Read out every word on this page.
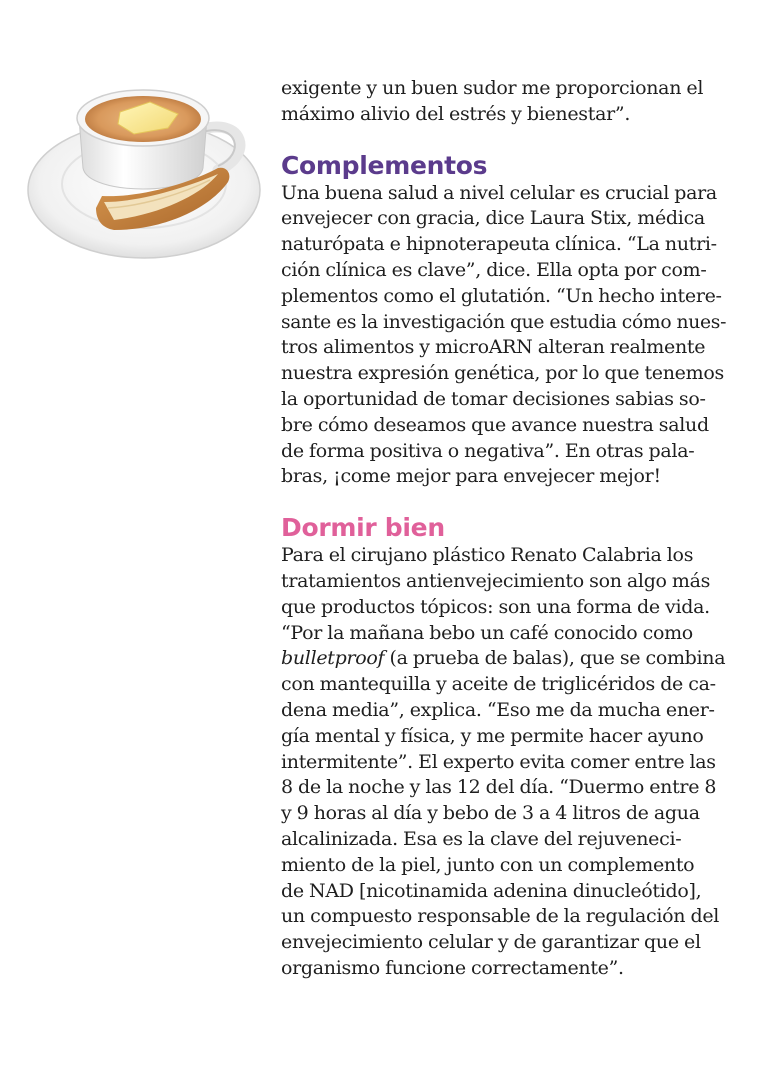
exigente y un buen sudor me proporcionan el
máximo alivio del estrés y bienestar”.

Complementos

Una buena salud a nivel celular es crucial para
envejecer con gracia, dice Laura Stix, médica
naturópata e hipnoterapeuta clínica. “La nutri-
ción clínica es clave”, dice. Ella opta por com-
plementos como el glutatión. “Un hecho intere-
sante es la investigación que estudia cómo nues-
tros alimentos y microARN alteran realmente
nuestra expresión genética, por lo que tenemos
la oportunidad de tomar decisiones sabias so-
bre cómo deseamos que avance nuestra salud
de forma positiva o negativa”. En otras pala-
bras, ¡come mejor para envejecer mejor!

Dormir bien

Para el cirujano plástico Renato Calabria los
tratamientos antienvejecimiento son algo más
que productos tópicos: son una forma de vida.
“Por la mañana bebo un café conocido como
bulletproof (a prueba de balas), que se combina
con mantequilla y aceite de triglicéridos de ca-
dena media”, explica. “Eso me da mucha ener-
gía mental y física, y me permite hacer ayuno
intermitente”. El experto evita comer entre las
8 de la noche y las 12 del día. “Duermo entre 8
y 9 horas al día y bebo de 3 a 4 litros de agua
alcalinizada. Esa es la clave del rejuveneci-
miento de la piel, junto con un complemento
de NAD [nicotinamida adenina dinucleótido],
un compuesto responsable de la regulación del
envejecimiento celular y de garantizar que el
organismo funcione correctamente”.
